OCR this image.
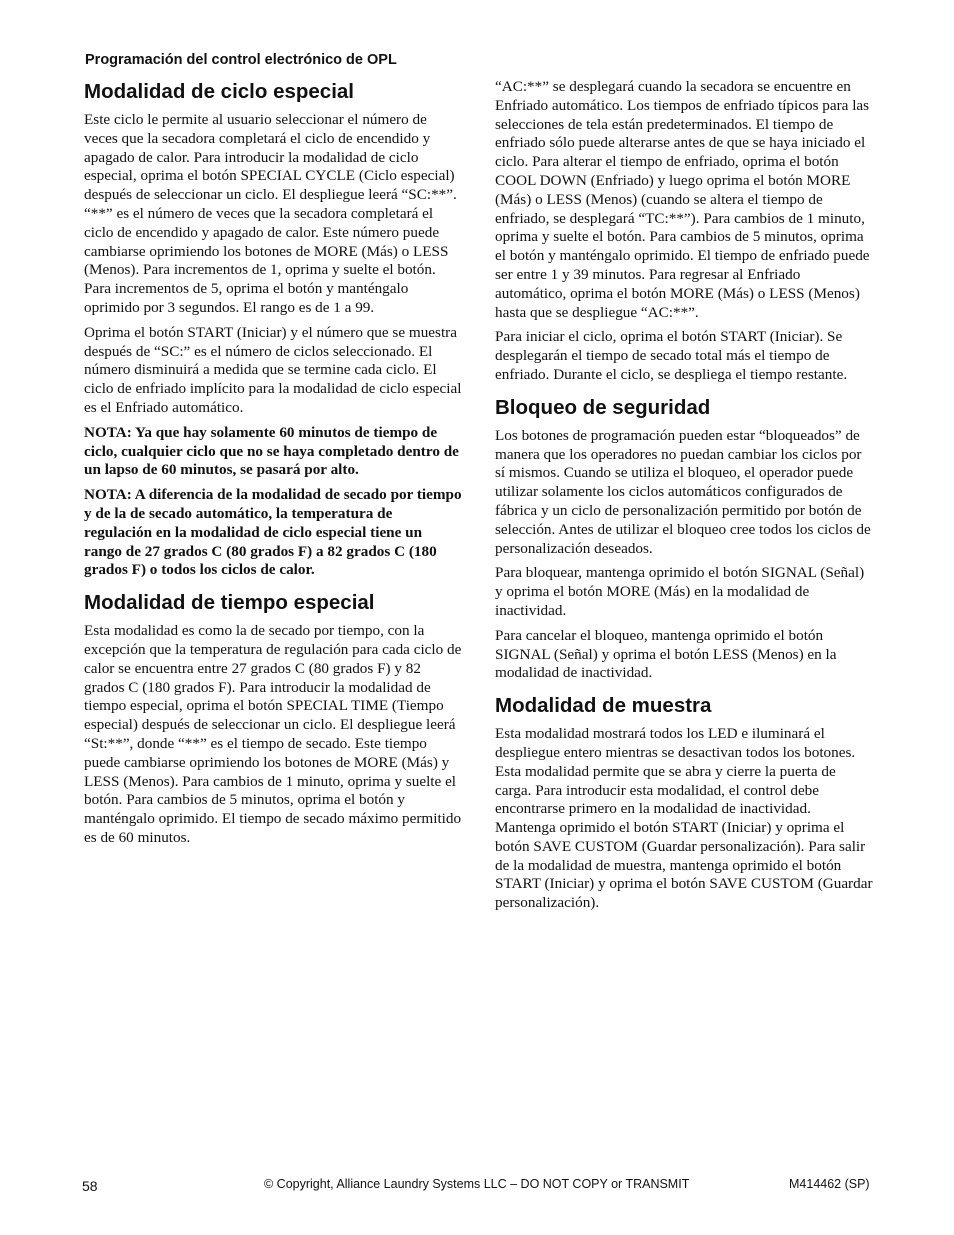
Programación del control electrónico de OPL
Modalidad de ciclo especial

Este ciclo le permite al usuario seleccionar el número de veces que la secadora completará el ciclo de encendido y apagado de calor. Para introducir la modalidad de ciclo especial, oprima el botón SPECIAL CYCLE (Ciclo especial) después de seleccionar un ciclo. El despliegue leerá “SC:**”. “**” es el número de veces que la secadora completará el ciclo de encendido y apagado de calor. Este número puede cambiarse oprimiendo los botones de MORE (Más) o LESS (Menos). Para incrementos de 1, oprima y suelte el botón. Para incrementos de 5, oprima el botón y manténgalo oprimido por 3 segundos. El rango es de 1 a 99.

Oprima el botón START (Iniciar) y el número que se muestra después de “SC:” es el número de ciclos seleccionado. El número disminuirá a medida que se termine cada ciclo. El ciclo de enfriado implícito para la modalidad de ciclo especial es el Enfriado automático.

NOTA: Ya que hay solamente 60 minutos de tiempo de ciclo, cualquier ciclo que no se haya completado dentro de un lapso de 60 minutos, se pasará por alto.

NOTA: A diferencia de la modalidad de secado por tiempo y de la de secado automático, la temperatura de regulación en la modalidad de ciclo especial tiene un rango de 27 grados C (80 grados F) a 82 grados C (180 grados F) o todos los ciclos de calor.

Modalidad de tiempo especial

Esta modalidad es como la de secado por tiempo, con la excepción que la temperatura de regulación para cada ciclo de calor se encuentra entre 27 grados C (80 grados F) y 82 grados C (180 grados F). Para introducir la modalidad de tiempo especial, oprima el botón SPECIAL TIME (Tiempo especial) después de seleccionar un ciclo. El despliegue leerá “St:**”, donde “**” es el tiempo de secado. Este tiempo puede cambiarse oprimiendo los botones de MORE (Más) y LESS (Menos). Para cambios de 1 minuto, oprima y suelte el botón. Para cambios de 5 minutos, oprima el botón y manténgalo oprimido. El tiempo de secado máximo permitido es de 60 minutos.

“AC:**” se desplegará cuando la secadora se encuentre en Enfriado automático. Los tiempos de enfriado típicos para las selecciones de tela están predeterminados. El tiempo de enfriado sólo puede alterarse antes de que se haya iniciado el ciclo. Para alterar el tiempo de enfriado, oprima el botón COOL DOWN (Enfriado) y luego oprima el botón MORE (Más) o LESS (Menos) (cuando se altera el tiempo de enfriado, se desplegará “TC:**”). Para cambios de 1 minuto, oprima y suelte el botón. Para cambios de 5 minutos, oprima el botón y manténgalo oprimido. El tiempo de enfriado puede ser entre 1 y 39 minutos. Para regresar al Enfriado automático, oprima el botón MORE (Más) o LESS (Menos) hasta que se despliegue “AC:**”.

Para iniciar el ciclo, oprima el botón START (Iniciar). Se desplegarán el tiempo de secado total más el tiempo de enfriado. Durante el ciclo, se despliega el tiempo restante.

Bloqueo de seguridad

Los botones de programación pueden estar “bloqueados” de manera que los operadores no puedan cambiar los ciclos por sí mismos. Cuando se utiliza el bloqueo, el operador puede utilizar solamente los ciclos automáticos configurados de fábrica y un ciclo de personalización permitido por botón de selección. Antes de utilizar el bloqueo cree todos los ciclos de personalización deseados.

Para bloquear, mantenga oprimido el botón SIGNAL (Señal) y oprima el botón MORE (Más) en la modalidad de inactividad.

Para cancelar el bloqueo, mantenga oprimido el botón SIGNAL (Señal) y oprima el botón LESS (Menos) en la modalidad de inactividad.

Modalidad de muestra

Esta modalidad mostrará todos los LED e iluminará el despliegue entero mientras se desactivan todos los botones. Esta modalidad permite que se abra y cierre la puerta de carga. Para introducir esta modalidad, el control debe encontrarse primero en la modalidad de inactividad. Mantenga oprimido el botón START (Iniciar) y oprima el botón SAVE CUSTOM (Guardar personalización). Para salir de la modalidad de muestra, mantenga oprimido el botón START (Iniciar) y oprima el botón SAVE CUSTOM (Guardar personalización).

58	© Copyright, Alliance Laundry Systems LLC – DO NOT COPY or TRANSMIT	M414462 (SP)
